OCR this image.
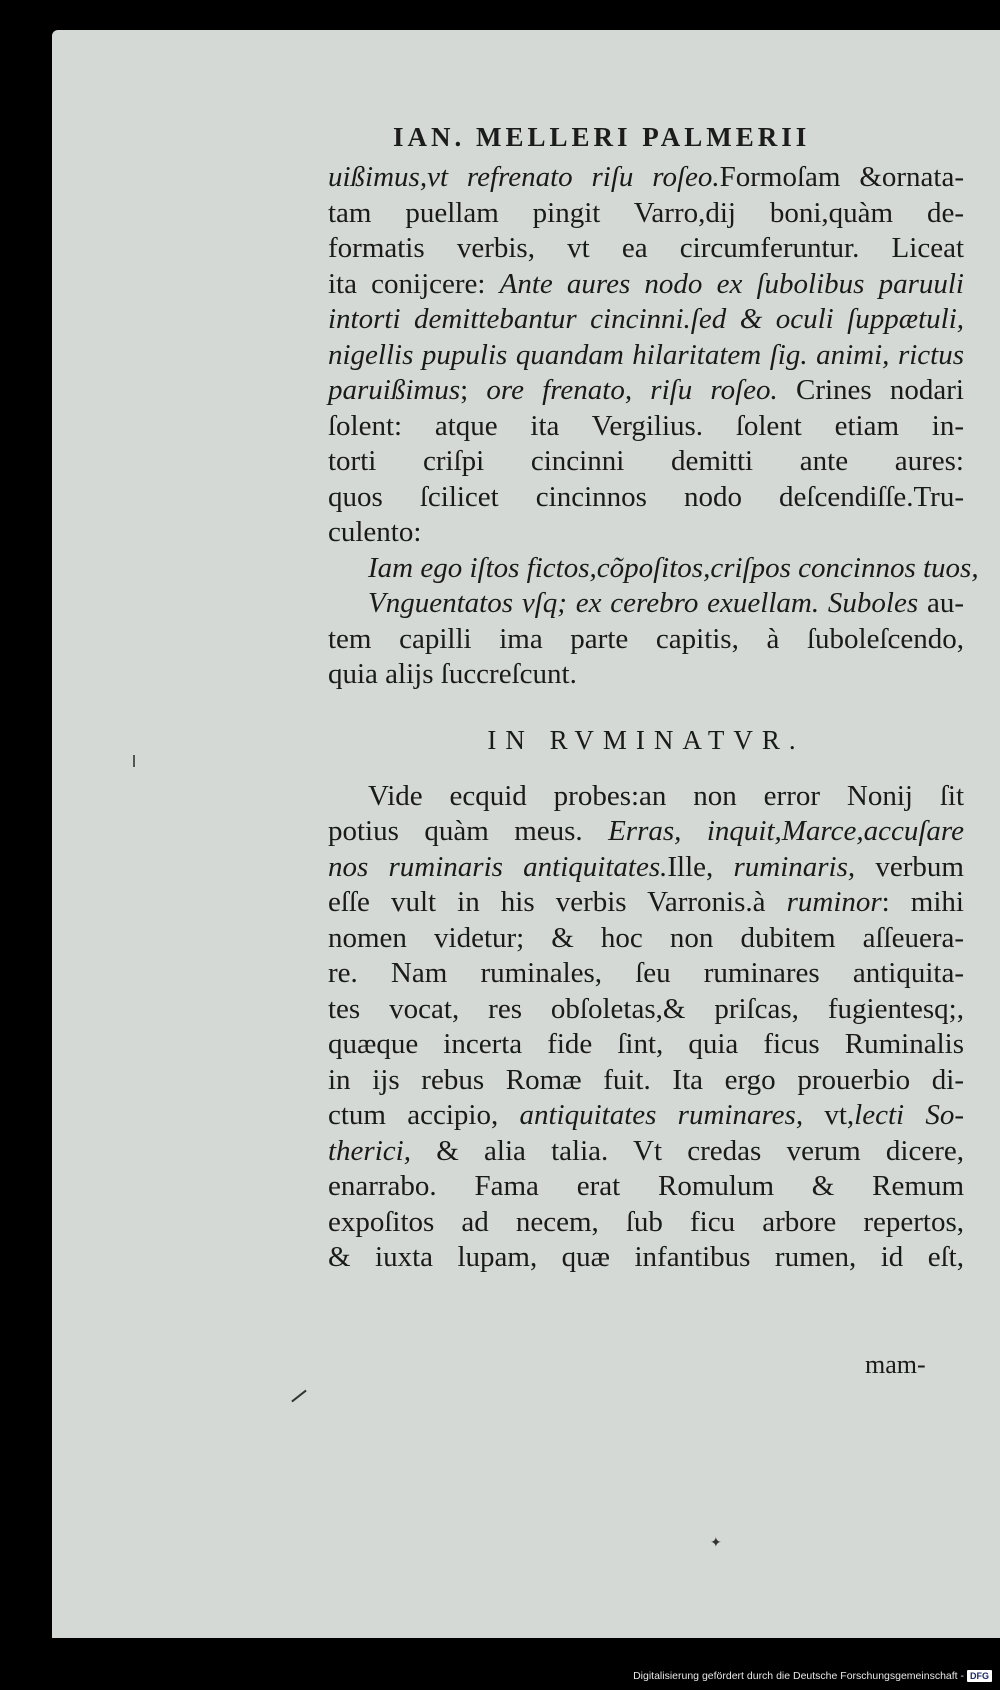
IAN. MELLERI PALMERII
uißimus,vt refrenato riſu roſeo.Formoſam &ornata-
tam puellam pingit Varro,dij boni,quàm de-
formatis verbis, vt ea circumferuntur. Liceat
ita conijcere: Ante aures nodo ex ſubolibus paruuli
intorti demittebantur cincinni.ſed & oculi ſuppætuli,
nigellis pupulis quandam hilaritatem ſig. animi, rictus
paruißimus; ore frenato, riſu roſeo. Crines nodari
ſolent: atque ita Vergilius. ſolent etiam in-
torti criſpi cincinni demitti ante aures:
quos ſcilicet cincinnos nodo deſcendiſſe.Tru-
culento:
Iam ego iſtos fictos,cõpoſitos,criſpos concinnos tuos,
Vnguentatos vſq; ex cerebro exuellam. Suboles au-
tem capilli ima parte capitis, à ſuboleſcendo,
quia alijs ſuccreſcunt.
IN RVMINATVR.
Vide ecquid probes:an non error Nonij ſit
potius quàm meus. Erras, inquit,Marce,accuſare
nos ruminaris antiquitates.Ille, ruminaris, verbum
eſſe vult in his verbis Varronis.à ruminor: mihi
nomen videtur; & hoc non dubitem aſſeuera-
re. Nam ruminales, ſeu ruminares antiquita-
tes vocat, res obſoletas,& priſcas, fugientesq;,
quæque incerta fide ſint, quia ficus Ruminalis
in ijs rebus Romæ fuit. Ita ergo prouerbio di-
ctum accipio, antiquitates ruminares, vt,lecti So-
therici, & alia talia. Vt credas verum dicere,
enarrabo. Fama erat Romulum & Remum
expoſitos ad necem, ſub ficu arbore repertos,
& iuxta lupam, quæ infantibus rumen, id eſt,
mam-
✦
Digitalisierung gefördert durch die Deutsche Forschungsgemeinschaft - DFG
